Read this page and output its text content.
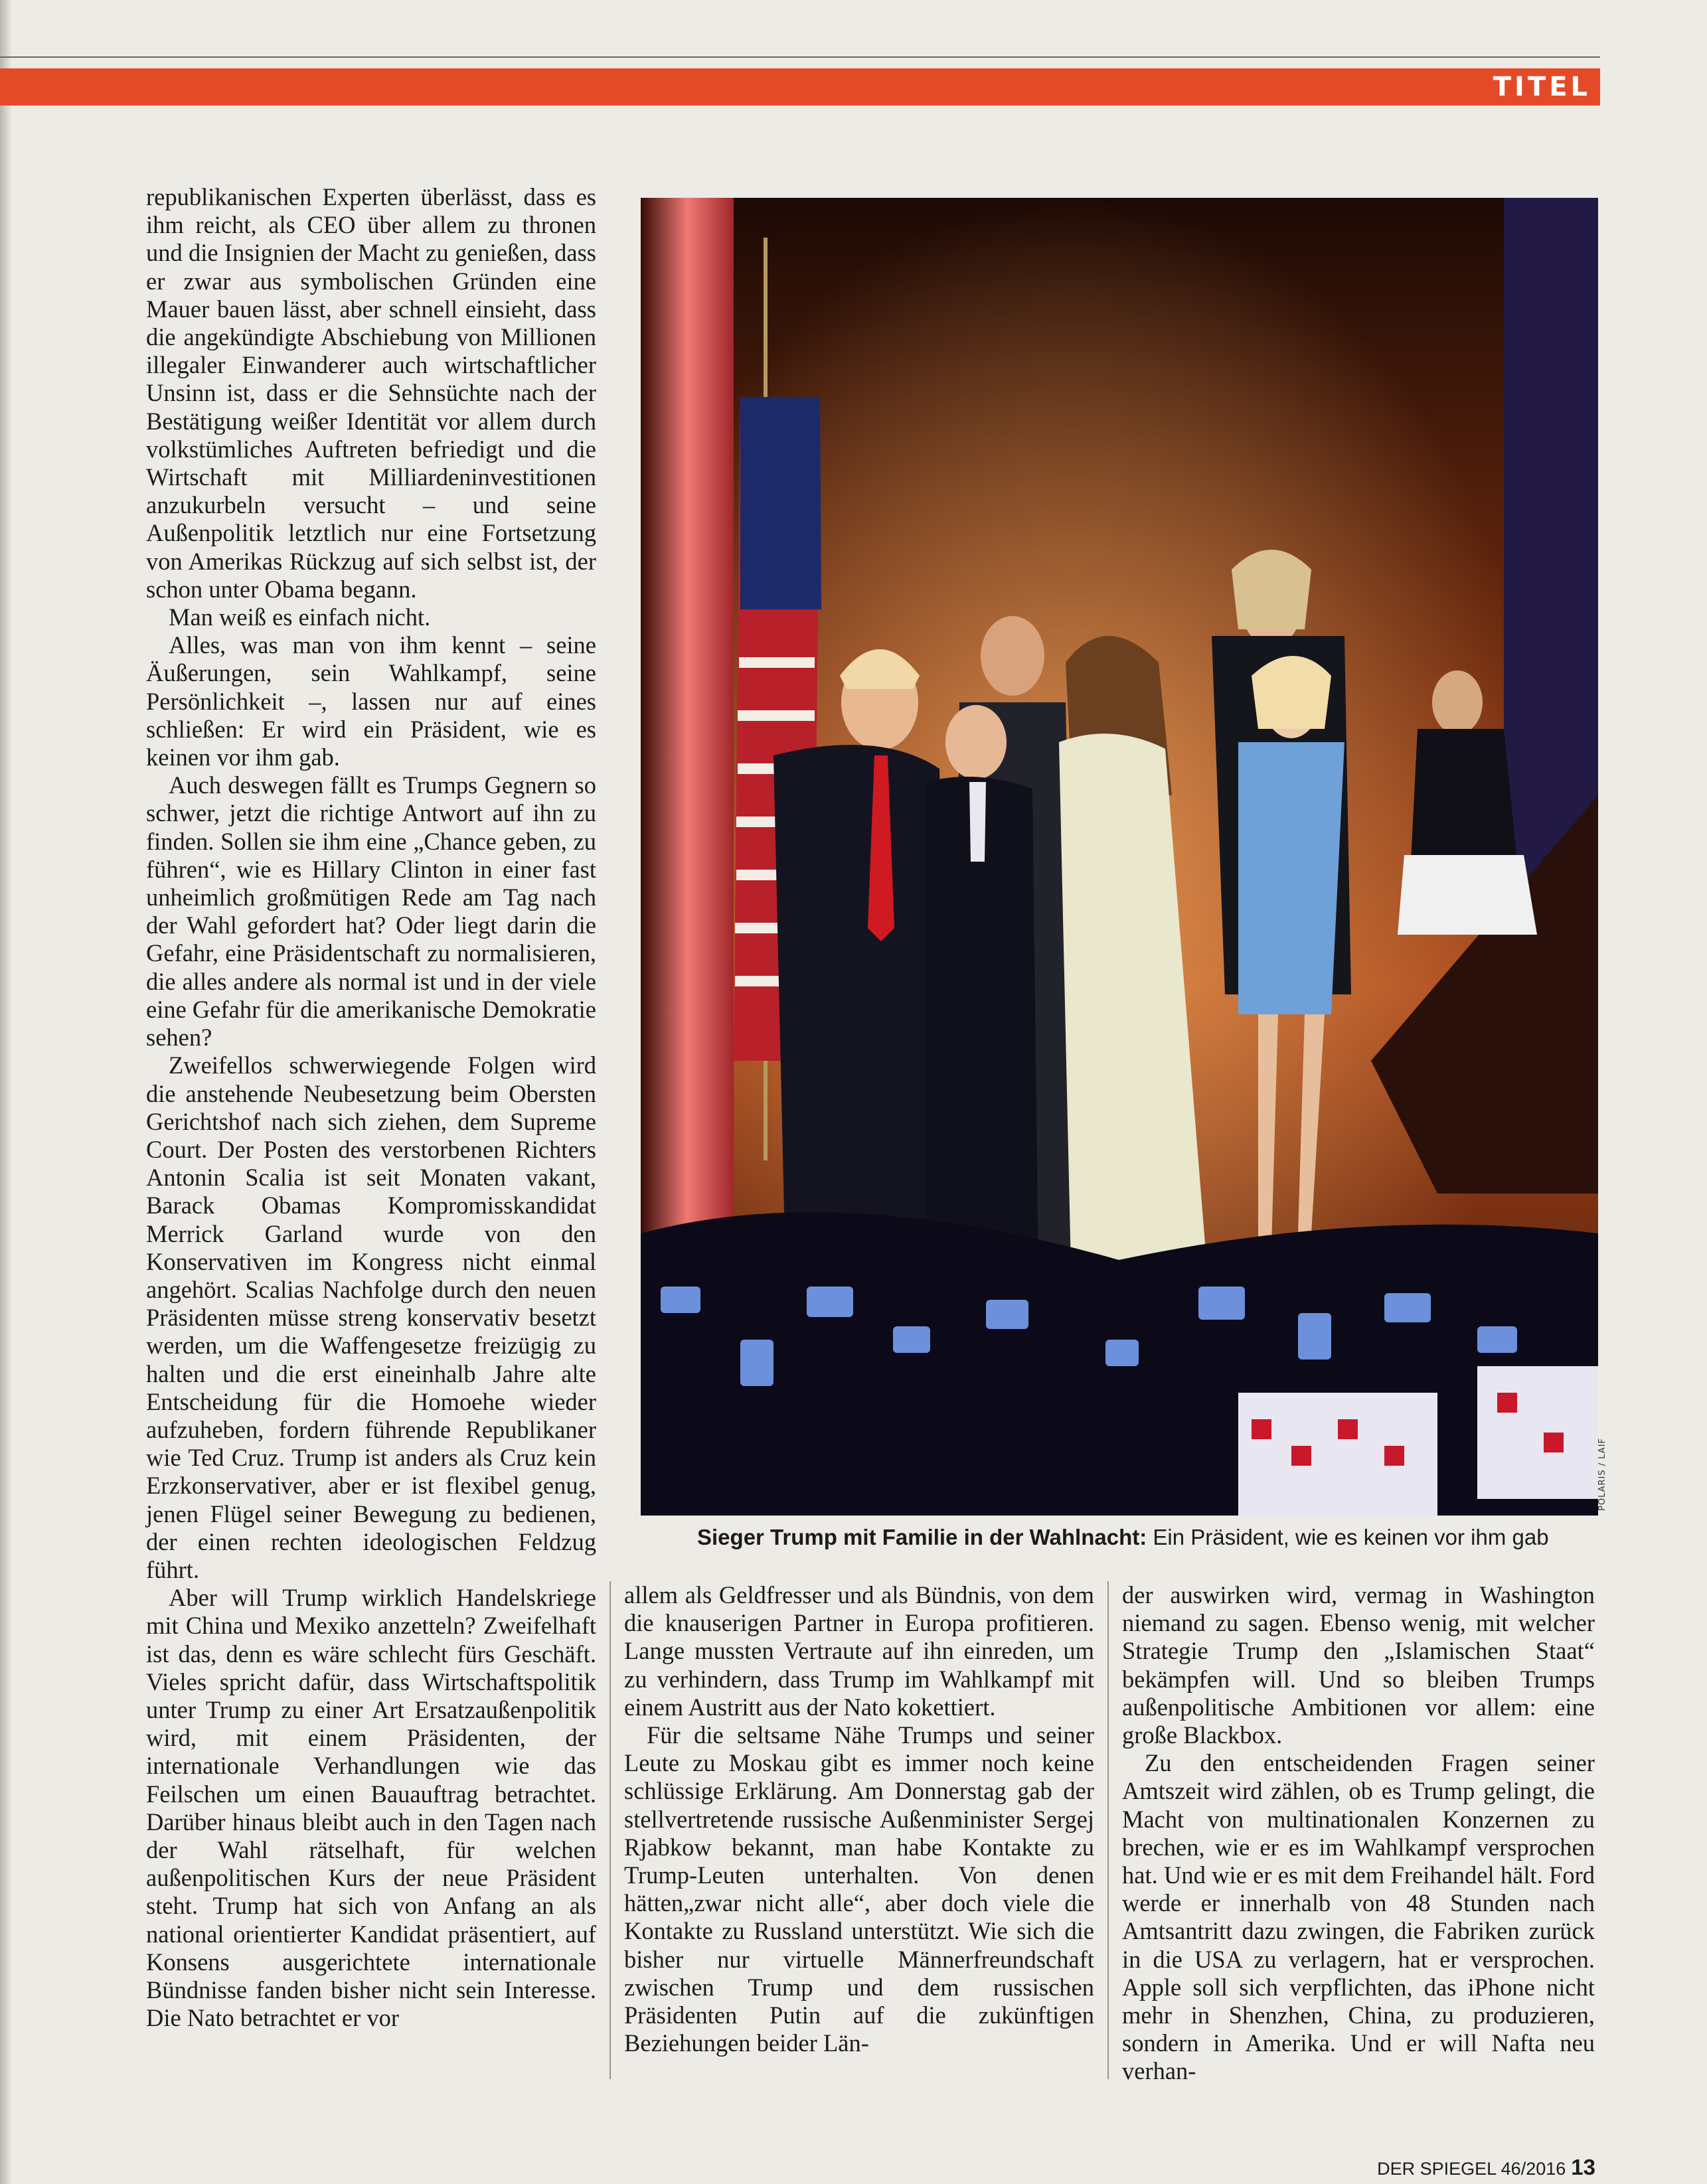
TITEL

republikanischen Experten überlässt, dass es ihm reicht, als CEO über allem zu thronen und die Insignien der Macht zu genießen, dass er zwar aus symbolischen Gründen eine Mauer bauen lässt, aber schnell einsieht, dass die angekündigte Abschiebung von Millionen illegaler Einwanderer auch wirtschaftlicher Unsinn ist, dass er die Sehnsüchte nach der Bestätigung weißer Identität vor allem durch volkstümliches Auftreten befriedigt und die Wirtschaft mit Milliardeninvestitionen anzukurbeln versucht – und seine Außenpolitik letztlich nur eine Fortsetzung von Amerikas Rückzug auf sich selbst ist, der schon unter Obama begann.

Man weiß es einfach nicht.

Alles, was man von ihm kennt – seine Äußerungen, sein Wahlkampf, seine Persönlichkeit –, lassen nur auf eines schließen: Er wird ein Präsident, wie es keinen vor ihm gab.

Auch deswegen fällt es Trumps Gegnern so schwer, jetzt die richtige Antwort auf ihn zu finden. Sollen sie ihm eine „Chance geben, zu führen“, wie es Hillary Clinton in einer fast unheimlich großmütigen Rede am Tag nach der Wahl gefordert hat? Oder liegt darin die Gefahr, eine Präsidentschaft zu normalisieren, die alles andere als normal ist und in der viele eine Gefahr für die amerikanische Demokratie sehen?

Zweifellos schwerwiegende Folgen wird die anstehende Neubesetzung beim Obersten Gerichtshof nach sich ziehen, dem Supreme Court. Der Posten des verstorbenen Richters Antonin Scalia ist seit Monaten vakant, Barack Obamas Kompromisskandidat Merrick Garland wurde von den Konservativen im Kongress nicht einmal angehört. Scalias Nachfolge durch den neuen Präsidenten müsse streng konservativ besetzt werden, um die Waffengesetze freizügig zu halten und die erst eineinhalb Jahre alte Entscheidung für die Homoehe wieder aufzuheben, fordern führende Republikaner wie Ted Cruz. Trump ist anders als Cruz kein Erzkonservativer, aber er ist flexibel genug, jenen Flügel seiner Bewegung zu bedienen, der einen rechten ideologischen Feldzug führt.

Aber will Trump wirklich Handelskriege mit China und Mexiko anzetteln? Zweifelhaft ist das, denn es wäre schlecht fürs Geschäft. Vieles spricht dafür, dass Wirtschaftspolitik unter Trump zu einer Art Ersatzaußenpolitik wird, mit einem Präsidenten, der internationale Verhandlungen wie das Feilschen um einen Bauauftrag betrachtet. Darüber hinaus bleibt auch in den Tagen nach der Wahl rätselhaft, für welchen außenpolitischen Kurs der neue Präsident steht. Trump hat sich von Anfang an als national orientierter Kandidat präsentiert, auf Konsens ausgerichtete internationale Bündnisse fanden bisher nicht sein Interesse. Die Nato betrachtet er vor

POLARIS / LAIF
Sieger Trump mit Familie in der Wahlnacht: Ein Präsident, wie es keinen vor ihm gab

allem als Geldfresser und als Bündnis, von dem die knauserigen Partner in Europa profitieren. Lange mussten Vertraute auf ihn einreden, um zu verhindern, dass Trump im Wahlkampf mit einem Austritt aus der Nato kokettiert.

Für die seltsame Nähe Trumps und seiner Leute zu Moskau gibt es immer noch keine schlüssige Erklärung. Am Donnerstag gab der stellvertretende russische Außenminister Sergej Rjabkow bekannt, man habe Kontakte zu Trump-Leuten unterhalten. Von denen hätten„zwar nicht alle“, aber doch viele die Kontakte zu Russland unterstützt. Wie sich die bisher nur virtuelle Männerfreundschaft zwischen Trump und dem russischen Präsidenten Putin auf die zukünftigen Beziehungen beider Län-

der auswirken wird, vermag in Washington niemand zu sagen. Ebenso wenig, mit welcher Strategie Trump den „Islamischen Staat“ bekämpfen will. Und so bleiben Trumps außenpolitische Ambitionen vor allem: eine große Blackbox.

Zu den entscheidenden Fragen seiner Amtszeit wird zählen, ob es Trump gelingt, die Macht von multinationalen Konzernen zu brechen, wie er es im Wahlkampf versprochen hat. Und wie er es mit dem Freihandel hält. Ford werde er innerhalb von 48 Stunden nach Amtsantritt dazu zwingen, die Fabriken zurück in die USA zu verlagern, hat er versprochen. Apple soll sich verpflichten, das iPhone nicht mehr in Shenzhen, China, zu produzieren, sondern in Amerika. Und er will Nafta neu verhan-

DER SPIEGEL 46/2016 13
